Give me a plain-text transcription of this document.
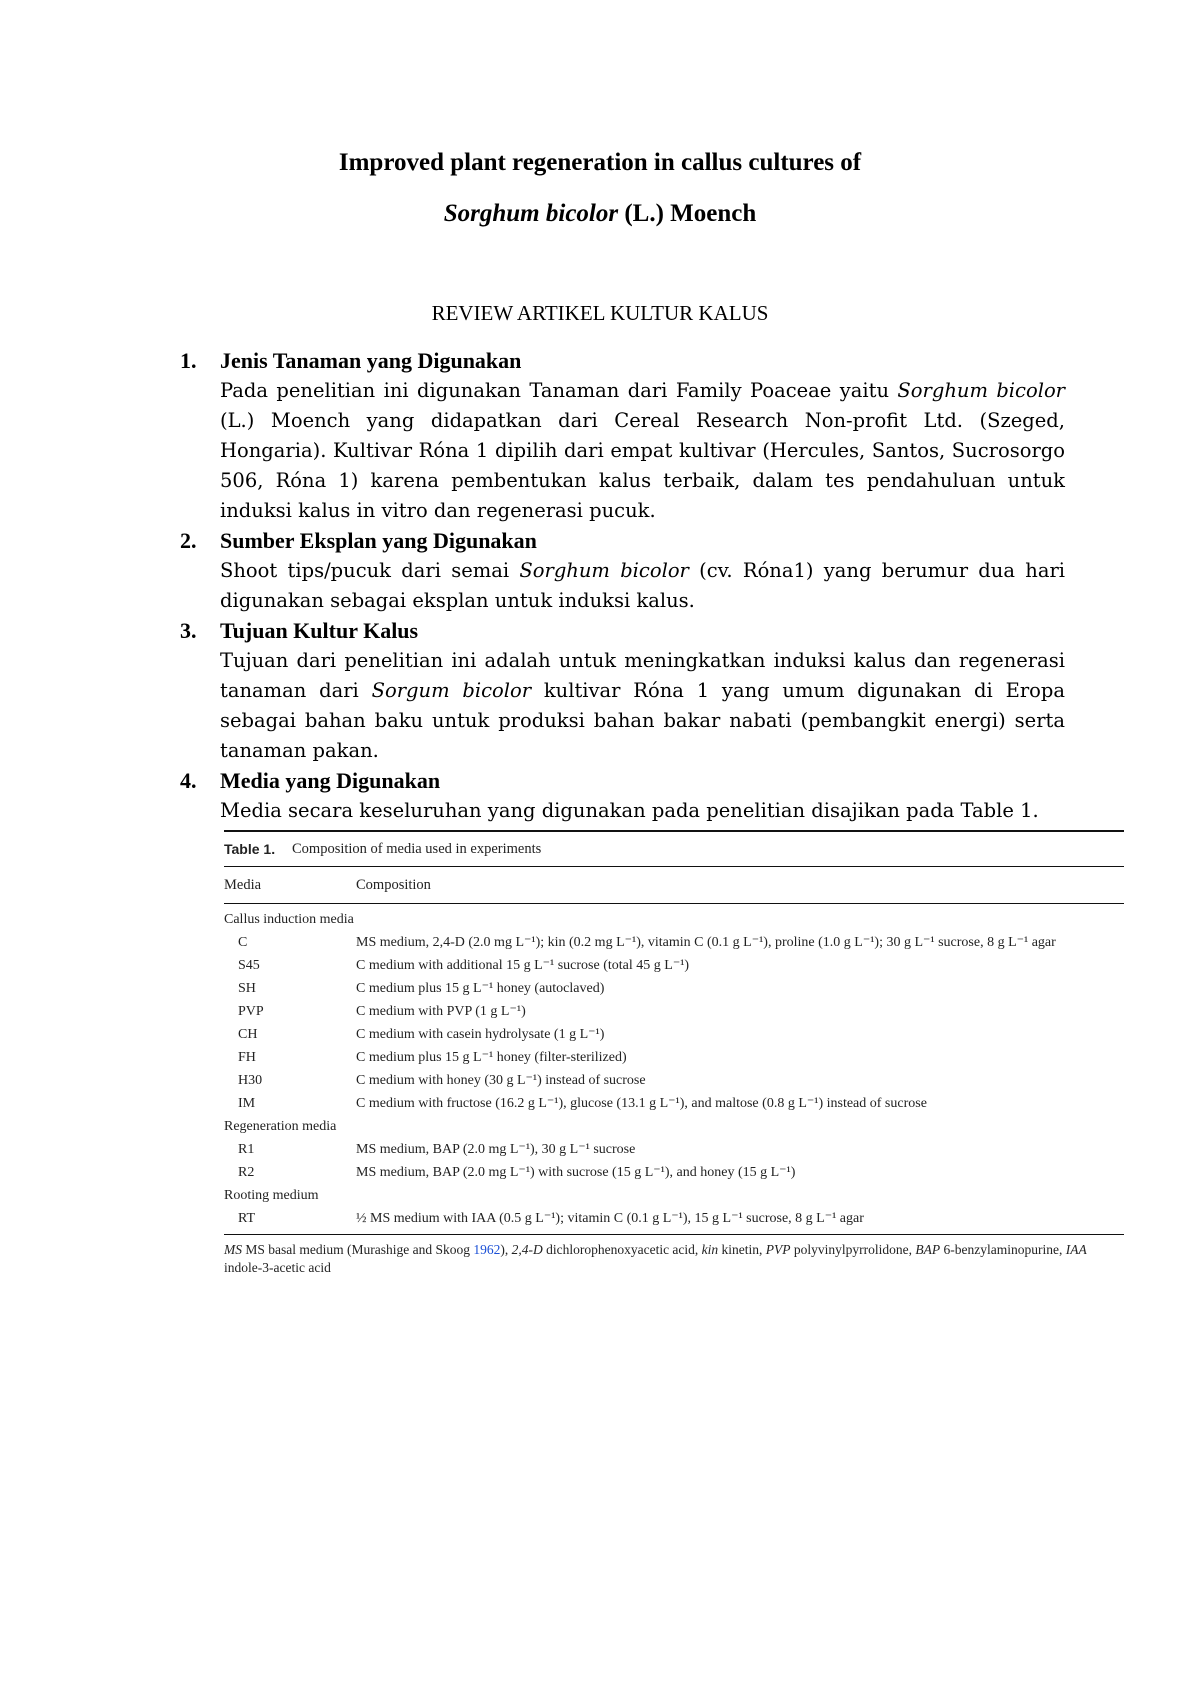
Improved plant regeneration in callus cultures of
Sorghum bicolor (L.) Moench
REVIEW ARTIKEL KULTUR KALUS
1. Jenis Tanaman yang Digunakan
Pada penelitian ini digunakan Tanaman dari Family Poaceae yaitu Sorghum bicolor (L.) Moench yang didapatkan dari Cereal Research Non-profit Ltd. (Szeged, Hongaria). Kultivar Róna 1 dipilih dari empat kultivar (Hercules, Santos, Sucrosorgo 506, Róna 1) karena pembentukan kalus terbaik, dalam tes pendahuluan untuk induksi kalus in vitro dan regenerasi pucuk.
2. Sumber Eksplan yang Digunakan
Shoot tips/pucuk dari semai Sorghum bicolor (cv. Róna1) yang berumur dua hari digunakan sebagai eksplan untuk induksi kalus.
3. Tujuan Kultur Kalus
Tujuan dari penelitian ini adalah untuk meningkatkan induksi kalus dan regenerasi tanaman dari Sorgum bicolor kultivar Róna 1 yang umum digunakan di Eropa sebagai bahan baku untuk produksi bahan bakar nabati (pembangkit energi) serta tanaman pakan.
4. Media yang Digunakan
Media secara keseluruhan yang digunakan pada penelitian disajikan pada Table 1.
Table 1.	Composition of media used in experiments
Media	Composition
Callus induction media
C	MS medium, 2,4-D (2.0 mg L⁻¹); kin (0.2 mg L⁻¹), vitamin C (0.1 g L⁻¹), proline (1.0 g L⁻¹); 30 g L⁻¹ sucrose, 8 g L⁻¹ agar
S45	C medium with additional 15 g L⁻¹ sucrose (total 45 g L⁻¹)
SH	C medium plus 15 g L⁻¹ honey (autoclaved)
PVP	C medium with PVP (1 g L⁻¹)
CH	C medium with casein hydrolysate (1 g L⁻¹)
FH	C medium plus 15 g L⁻¹ honey (filter-sterilized)
H30	C medium with honey (30 g L⁻¹) instead of sucrose
IM	C medium with fructose (16.2 g L⁻¹), glucose (13.1 g L⁻¹), and maltose (0.8 g L⁻¹) instead of sucrose
Regeneration media
R1	MS medium, BAP (2.0 mg L⁻¹), 30 g L⁻¹ sucrose
R2	MS medium, BAP (2.0 mg L⁻¹) with sucrose (15 g L⁻¹), and honey (15 g L⁻¹)
Rooting medium
RT	½ MS medium with IAA (0.5 g L⁻¹); vitamin C (0.1 g L⁻¹), 15 g L⁻¹ sucrose, 8 g L⁻¹ agar
MS MS basal medium (Murashige and Skoog 1962), 2,4-D dichlorophenoxyacetic acid, kin kinetin, PVP polyvinylpyrrolidone, BAP 6-benzylaminopurine, IAA indole-3-acetic acid
